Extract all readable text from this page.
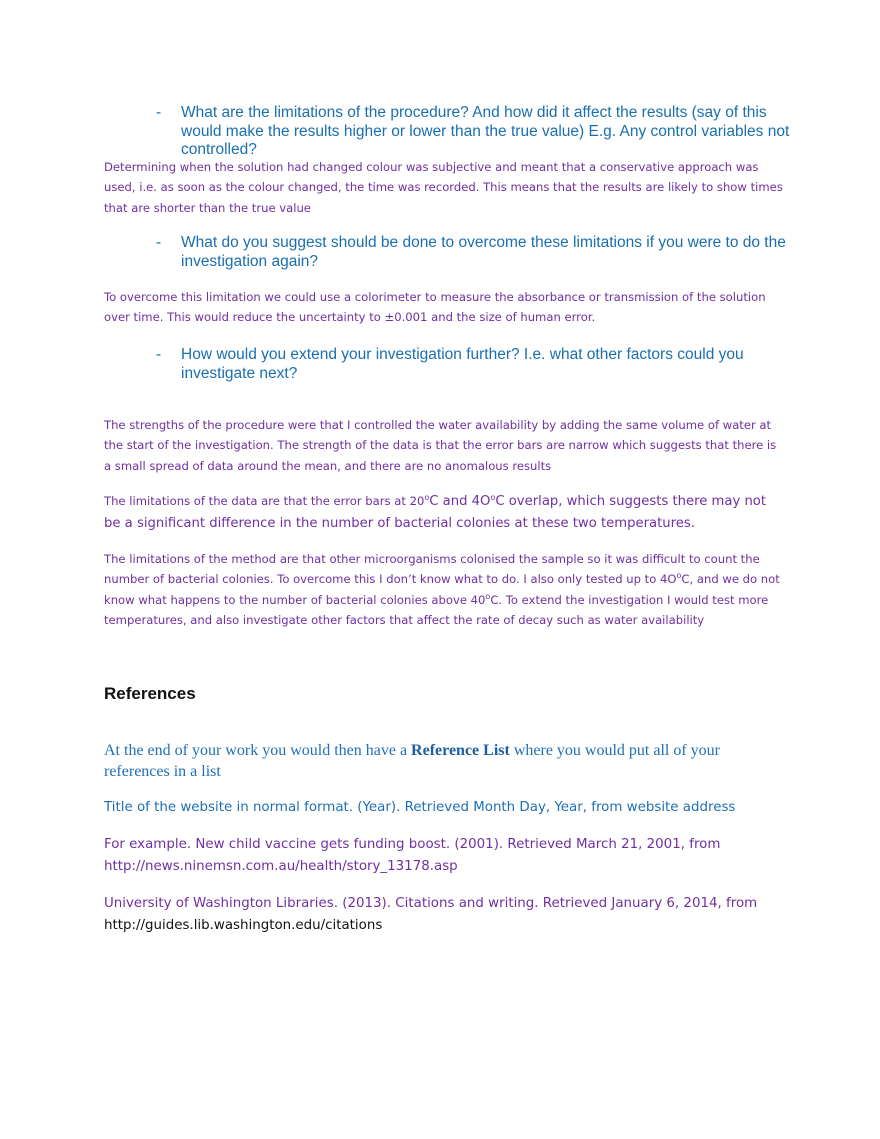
-	What are the limitations of the procedure? And how did it affect the results (say of this would make the results higher or lower than the true value) E.g. Any control variables not controlled?

Determining when the solution had changed colour was subjective and meant that a conservative approach was used, i.e. as soon as the colour changed, the time was recorded. This means that the results are likely to show times that are shorter than the true value

-	What do you suggest should be done to overcome these limitations if you were to do the investigation again?

To overcome this limitation we could use a colorimeter to measure the absorbance or transmission of the solution over time. This would reduce the uncertainty to ±0.001 and the size of human error.

-	How would you extend your investigation further? I.e. what other factors could you investigate next?

The strengths of the procedure were that I controlled the water availability by adding the same volume of water at the start of the investigation. The strength of the data is that the error bars are narrow which suggests that there is a small spread of data around the mean, and there are no anomalous results

The limitations of the data are that the error bars at 20$^o$C and $4O^oC$ overlap, which suggests there may not be a significant difference in the number of bacterial colonies at these two temperatures.

The limitations of the method are that other microorganisms colonised the sample so it was difficult to count the number of bacterial colonies. To overcome this I don’t know what to do. I also only tested up to $4O^oC$, and we do not know what happens to the number of bacterial colonies above 40$^o$C. To extend the investigation I would test more temperatures, and also investigate other factors that affect the rate of decay such as water availability

References

At the end of your work you would then have a Reference List where you would put all of your references in a list

Title of the website in normal format. (Year). Retrieved Month Day, Year, from website address

For example. New child vaccine gets funding boost. (2001). Retrieved March 21, 2001, from
http://news.ninemsn.com.au/health/story_13178.asp

University of Washington Libraries. (2013). Citations and writing. Retrieved January 6, 2014, from
http://guides.lib.washington.edu/citations
